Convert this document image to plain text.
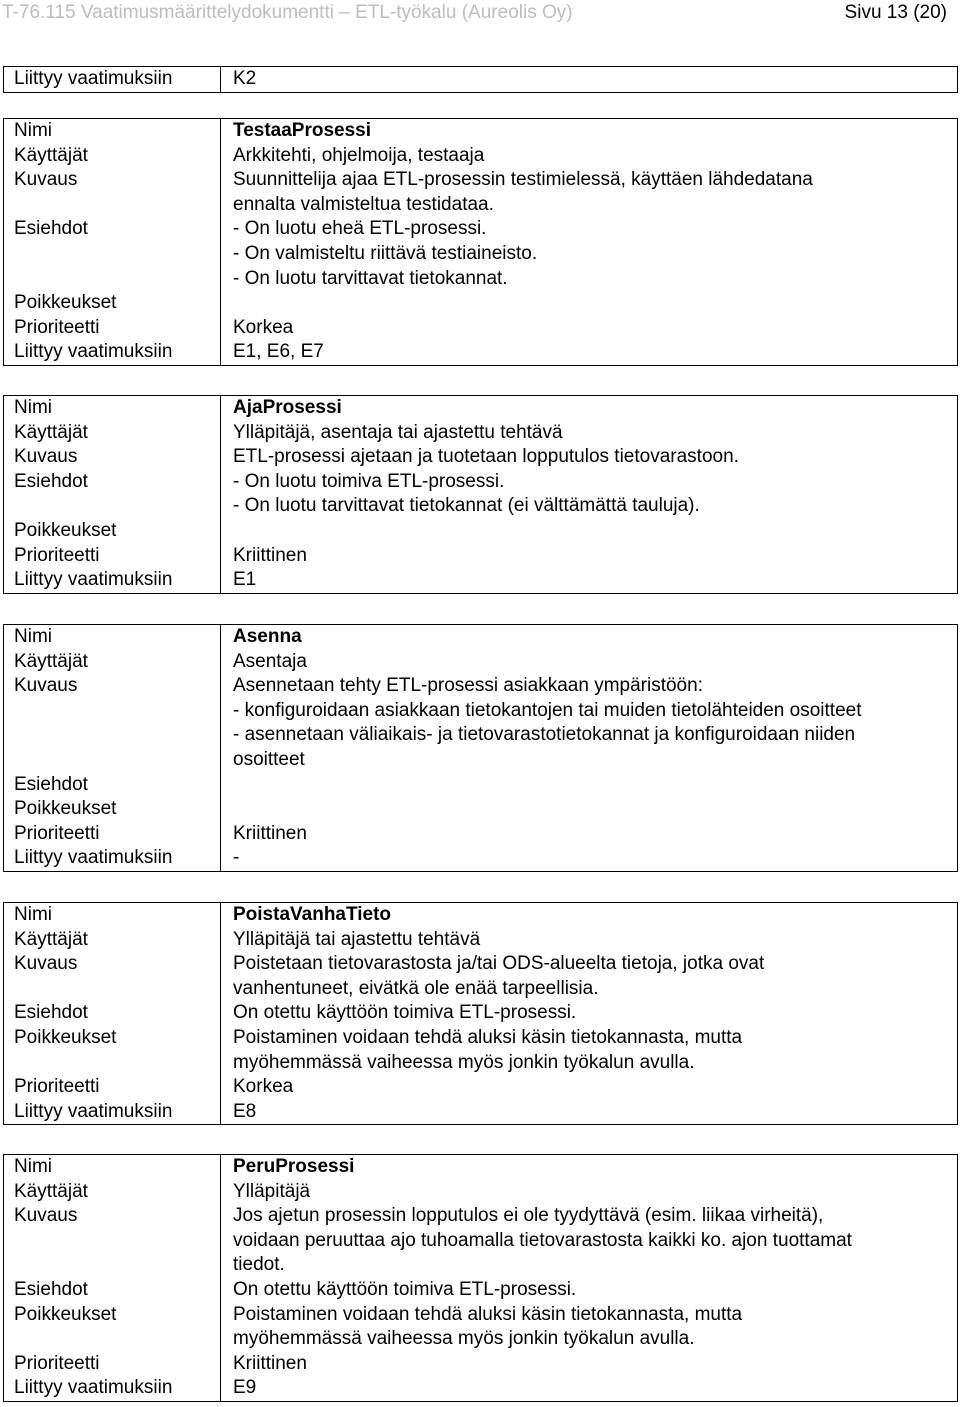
T-76.115 Vaatimusmäärittelydokumentti – ETL-työkalu (Aureolis Oy)	Sivu 13 (20)
Liittyy vaatimuksiin	K2
Nimi	TestaaProsessi
Käyttäjät	Arkkitehti, ohjelmoija, testaaja
Kuvaus	Suunnittelija ajaa ETL-prosessin testimielessä, käyttäen lähdedatana
ennalta valmisteltua testidataa.

Esiehdot	- On luotu eheä ETL-prosessi.
- On valmisteltu riittävä testiaineisto.
- On luotu tarvittavat tietokannat.

Poikkeukset	
Prioriteetti	Korkea
Liittyy vaatimuksiin	E1, E6, E7
Nimi	AjaProsessi
Käyttäjät	Ylläpitäjä, asentaja tai ajastettu tehtävä
Kuvaus	ETL-prosessi ajetaan ja tuotetaan lopputulos tietovarastoon.

Esiehdot	- On luotu toimiva ETL-prosessi.
- On luotu tarvittavat tietokannat (ei välttämättä tauluja).

Poikkeukset	
Prioriteetti	Kriittinen
Liittyy vaatimuksiin	E1
Nimi	Asenna
Käyttäjät	Asentaja
Kuvaus	Asennetaan tehty ETL-prosessi asiakkaan ympäristöön:
- konfiguroidaan asiakkaan tietokantojen tai muiden tietolähteiden osoitteet
- asennetaan väliaikais- ja tietovarastotietokannat ja konfiguroidaan niiden
osoitteet

Esiehdot	
Poikkeukset	
Prioriteetti	Kriittinen
Liittyy vaatimuksiin	-
Nimi	PoistaVanhaTieto
Käyttäjät	Ylläpitäjä tai ajastettu tehtävä
Kuvaus	Poistetaan tietovarastosta ja/tai ODS-alueelta tietoja, jotka ovat
vanhentuneet, eivätkä ole enää tarpeellisia.

Esiehdot	On otettu käyttöön toimiva ETL-prosessi.

Poikkeukset	Poistaminen voidaan tehdä aluksi käsin tietokannasta, mutta
myöhemmässä vaiheessa myös jonkin työkalun avulla.

Prioriteetti	Korkea
Liittyy vaatimuksiin	E8
Nimi	PeruProsessi
Käyttäjät	Ylläpitäjä
Kuvaus	Jos ajetun prosessin lopputulos ei ole tyydyttävä (esim. liikaa virheitä),
voidaan peruuttaa ajo tuhoamalla tietovarastosta kaikki ko. ajon tuottamat
tiedot.

Esiehdot	On otettu käyttöön toimiva ETL-prosessi.

Poikkeukset	Poistaminen voidaan tehdä aluksi käsin tietokannasta, mutta
myöhemmässä vaiheessa myös jonkin työkalun avulla.

Prioriteetti	Kriittinen
Liittyy vaatimuksiin	E9
